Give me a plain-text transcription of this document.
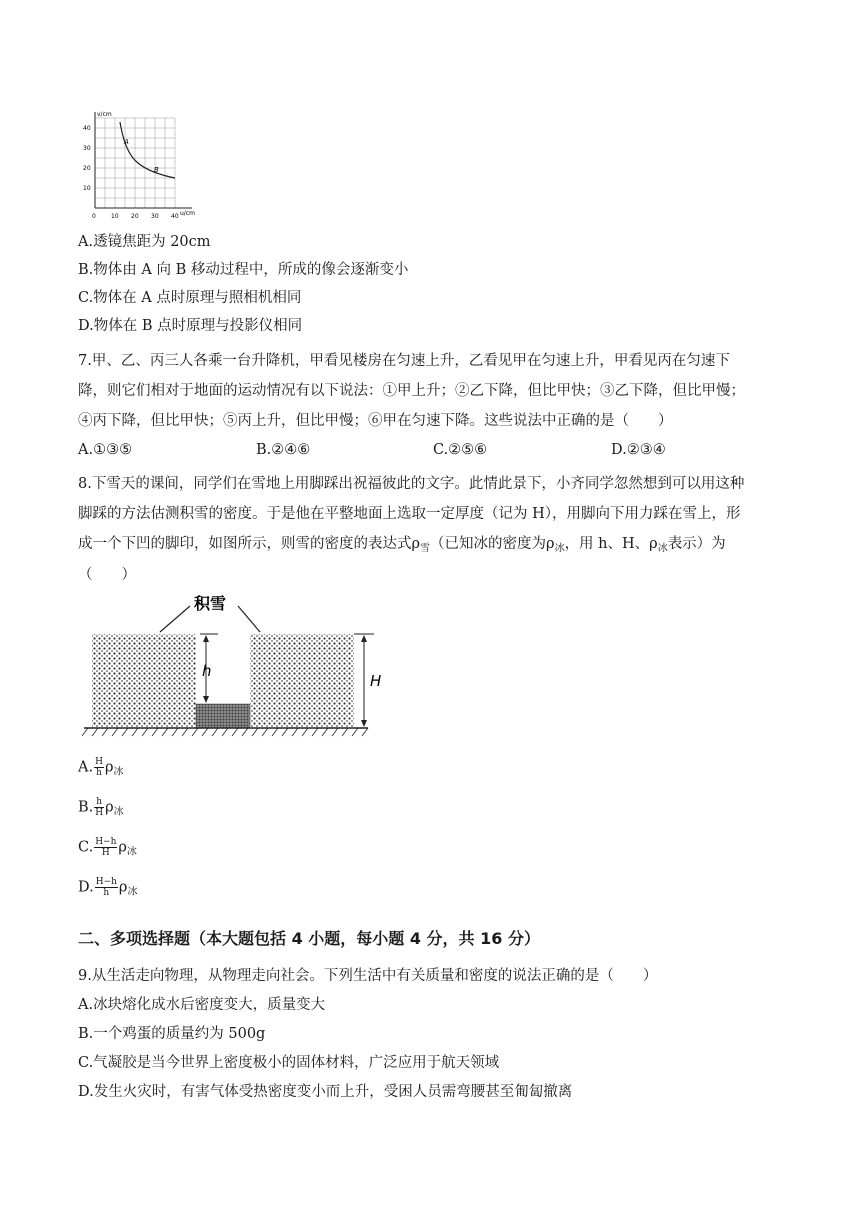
v/cm
u/cm
40
30
20
10
0	10 20 30 40
A
B
A.透镜焦距为 20cm
B.物体由 A 向 B 移动过程中，所成的像会逐渐变小
C.物体在 A 点时原理与照相机相同
D.物体在 B 点时原理与投影仪相同
7.甲、乙、丙三人各乘一台升降机，甲看见楼房在匀速上升，乙看见甲在匀速上升，甲看见丙在匀速下
降，则它们相对于地面的运动情况有以下说法：①甲上升；②乙下降，但比甲快；③乙下降，但比甲慢；
④丙下降，但比甲快；⑤丙上升，但比甲慢；⑥甲在匀速下降。这些说法中正确的是（　　）
A.①③⑤	B.②④⑥	C.②⑤⑥	D.②③④
8.下雪天的课间，同学们在雪地上用脚踩出祝福彼此的文字。此情此景下，小齐同学忽然想到可以用这种
脚踩的方法估测积雪的密度。于是他在平整地面上选取一定厚度（记为 H），用脚向下用力踩在雪上，形
成一个下凹的脚印，如图所示，则雪的密度的表达式$\rho_雪$（已知冰的密度为$\rho_冰$，用 h、H、$\rho_冰$表示）为
（　　）
积雪
h
H
A. $\frac{H}{h} \rho_冰$
B. $\frac{h}{H} \rho_冰$
C. $\frac{H-h}{H} \rho_冰$
D. $\frac{H-h}{h} \rho_冰$
二、多项选择题（本大题包括 4 小题，每小题 4 分，共 16 分）
9.从生活走向物理，从物理走向社会。下列生活中有关质量和密度的说法正确的是（　　）
A.冰块熔化成水后密度变大，质量变大
B.一个鸡蛋的质量约为 500g
C.气凝胶是当今世界上密度极小的固体材料，广泛应用于航天领域
D.发生火灾时，有害气体受热密度变小而上升，受困人员需弯腰甚至匍匐撤离
